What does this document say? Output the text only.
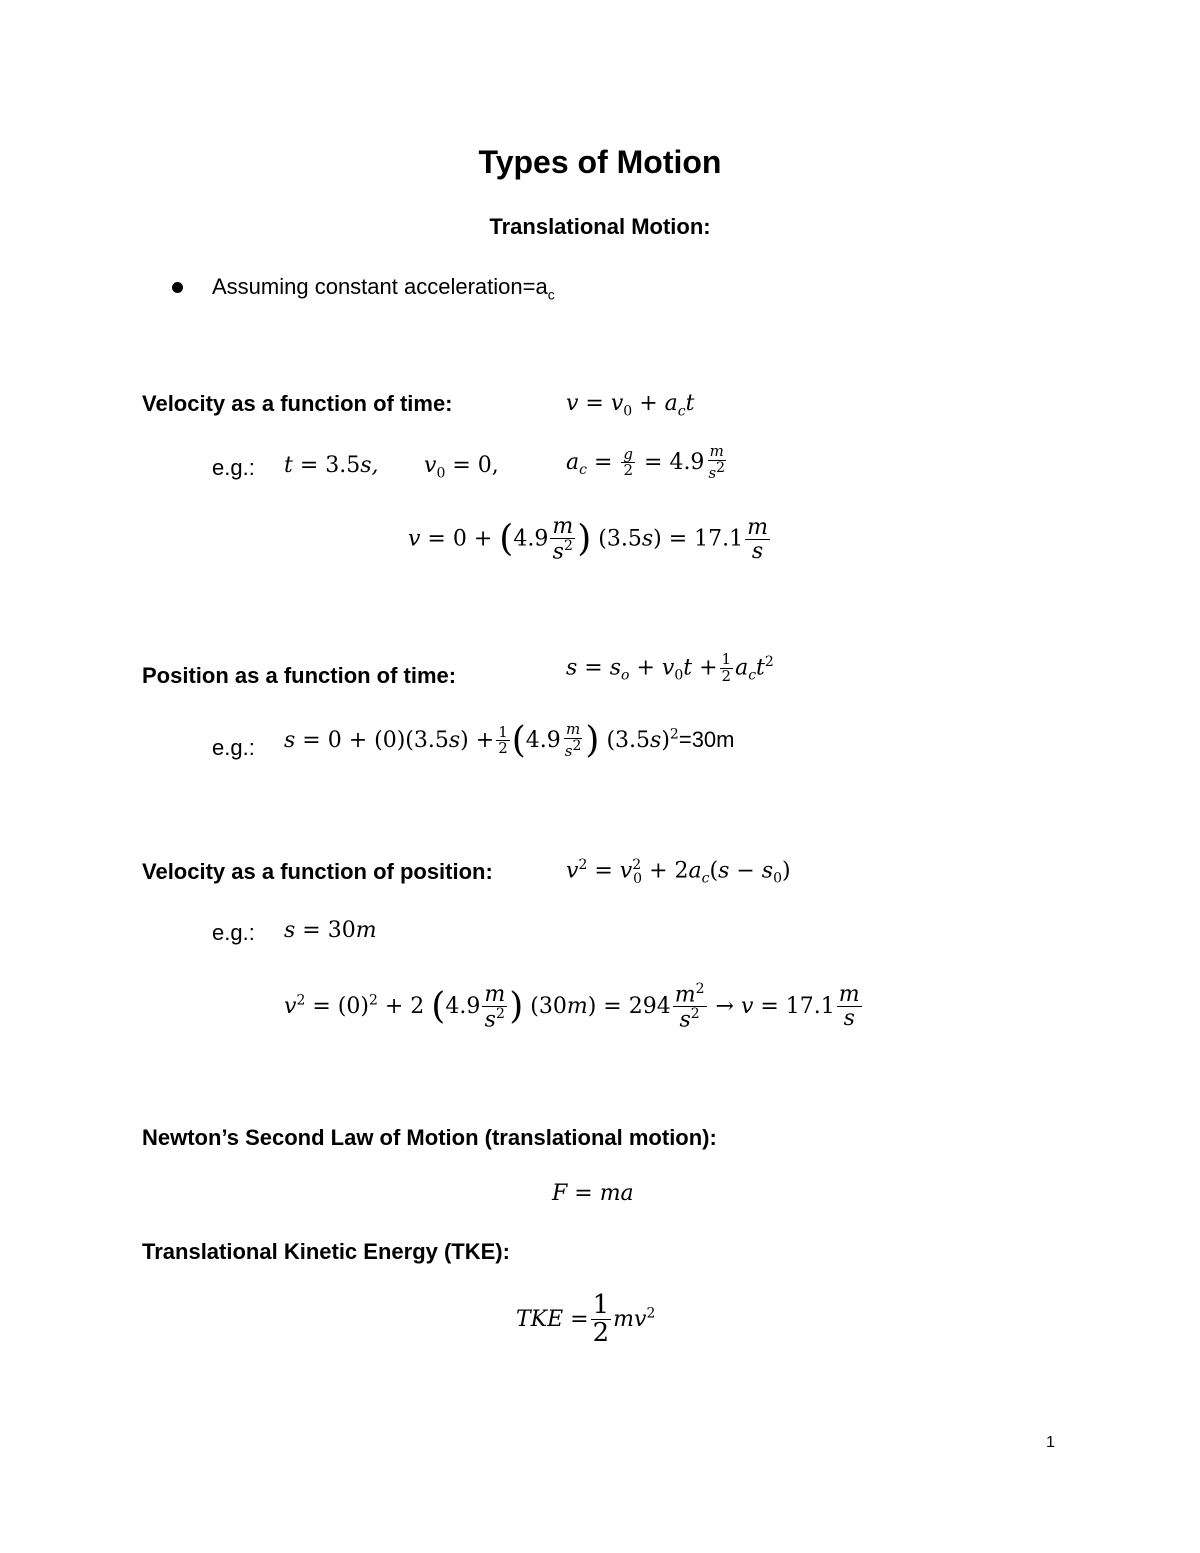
Types of Motion
Translational Motion:
Assuming constant $acceleration=a_c$
Velocity as a function of time:	$v = v_0 + a_ct$
e.g.: t = 3.5s, $v_0 = 0$,	$a_c = \frac{g}{2} = 4.9 \frac{m}{s^2}$
$v = 0 + (4.9 \frac{m}{s^2}$ ) $(3.5s) = 17.1 \frac{m}{s}$
Position as a function of time:	$s = s_o + v_0t + \frac{1}{2} a_ct^2$
e.g.: $s = 0 + (0)(3.5s) + \frac{1}{2} (4.9 \frac{m}{s^2}$ ) $(3.5s)^2=30m$
Velocity as a function of position:	$v^2 = v^2_0 + 2a_c(s - s_0)$
e.g.: s = 30m
$v^2 = (0)^2 + 2$ ($4.9 \frac{m}{s^2}$ ) $(30m) = 294 \frac{m^2}{s^2} \to v = 17.1 \frac{m}{s}$
Newton’s Second Law of Motion (translational motion):
F = ma
Translational Kinetic Energy (TKE):
TKE = $\frac{1}{2} mv^2$
1
